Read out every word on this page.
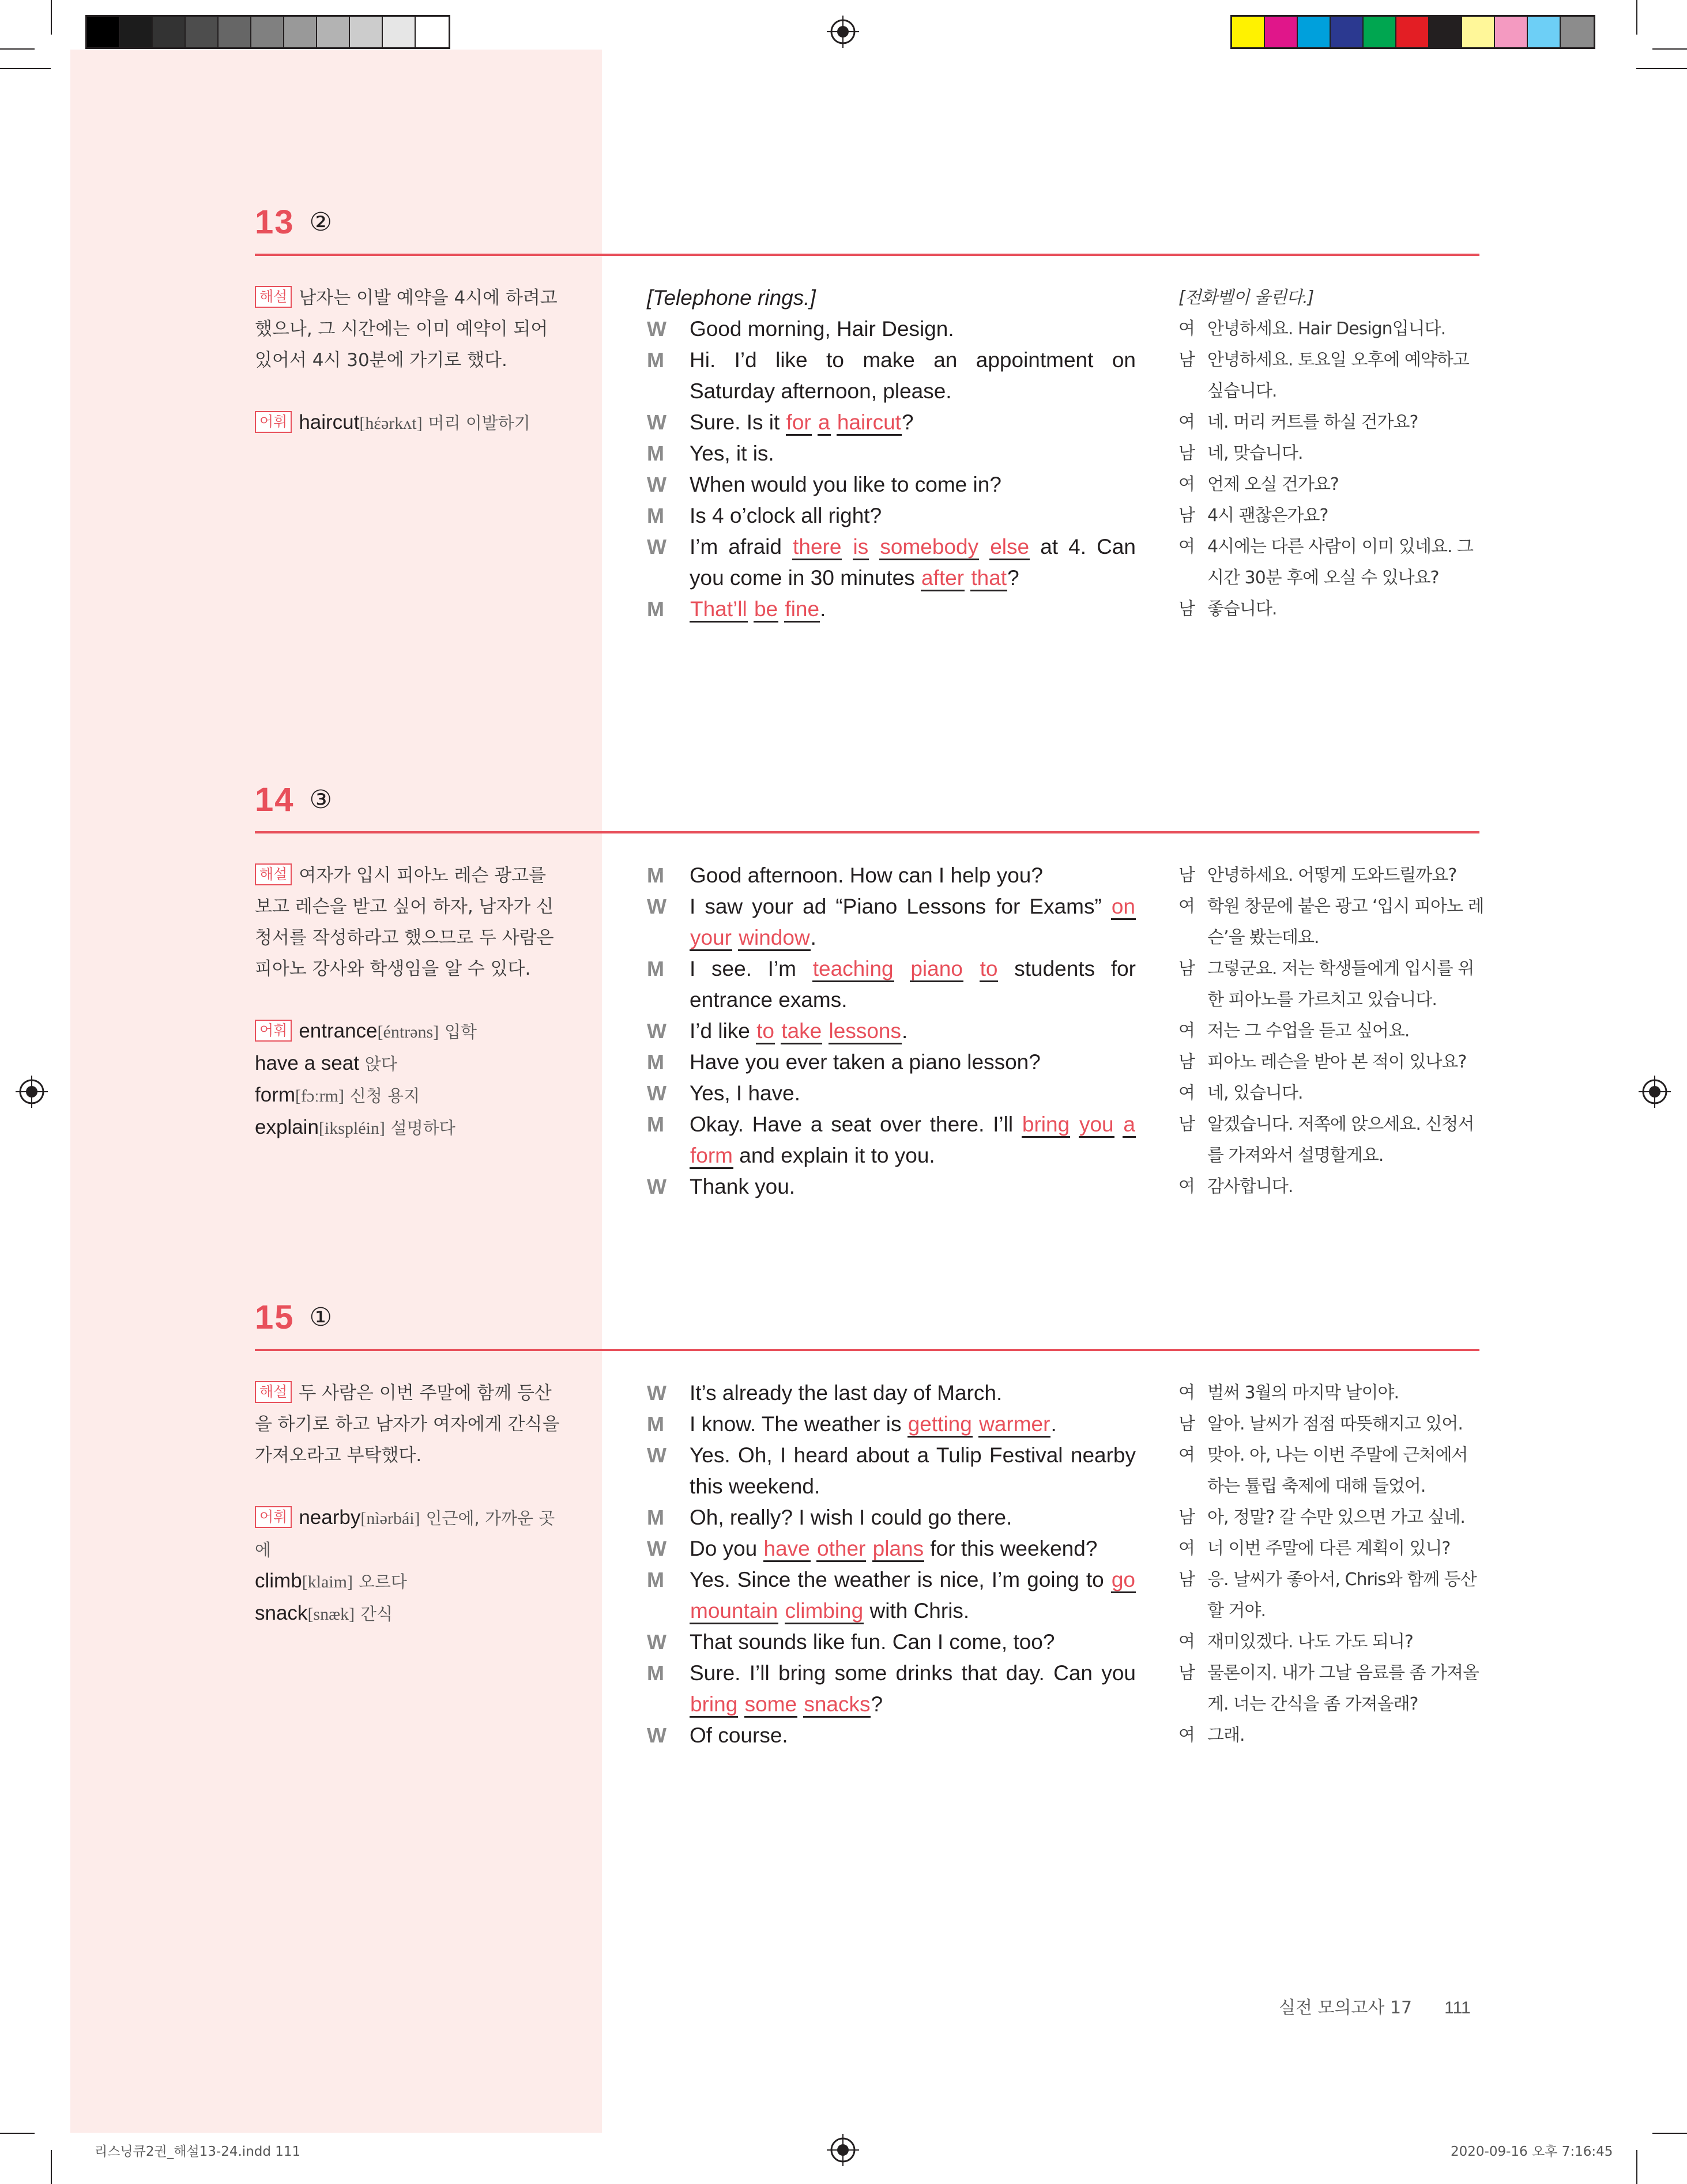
13 ②

해설 남자는 이발 예약을 4시에 하려고 했으나, 그 시간에는 이미 예약이 되어 있어서 4시 30분에 가기로 했다.

어휘 haircut[hέərkʌt] 머리 이발하기

[Telephone rings.]
W	Good morning, Hair Design.
M	Hi. I’d like to make an appointment on Saturday afternoon, please.
W	Sure. Is it for a haircut?
M	Yes, it is.
W	When would you like to come in?
M	Is 4 o’clock all right?
W	I’m afraid there is somebody else at 4. Can you come in 30 minutes after that?
M	That’ll be fine.
[전화벨이 울린다.]
여 안녕하세요. Hair Design입니다.
남 안녕하세요. 토요일 오후에 예약하고 싶습니다.
여 네. 머리 커트를 하실 건가요?
남 네, 맞습니다.
여 언제 오실 건가요?
남 4시 괜찮은가요?
여 4시에는 다른 사람이 이미 있네요. 그 시간 30분 후에 오실 수 있나요?
남 좋습니다.
14 ③

해설 여자가 입시 피아노 레슨 광고를 보고 레슨을 받고 싶어 하자, 남자가 신청서를 작성하라고 했으므로 두 사람은 피아노 강사와 학생임을 알 수 있다.

어휘 entrance[éntrəns] 입학

have a seat 앉다

form[fɔːrm] 신청 용지

explain[ikspléin] 설명하다

M	Good afternoon. How can I help you?
W	I saw your ad “Piano Lessons for Exams” on your window.
M	I see. I’m teaching piano to students for entrance exams.
W	I’d like to take lessons.
M	Have you ever taken a piano lesson?
W	Yes, I have.
M	Okay. Have a seat over there. I’ll bring you a form and explain it to you.
W	Thank you.
남 안녕하세요. 어떻게 도와드릴까요?
여 학원 창문에 붙은 광고 ‘입시 피아노 레슨’을 봤는데요.
남 그렇군요. 저는 학생들에게 입시를 위한 피아노를 가르치고 있습니다.
여 저는 그 수업을 듣고 싶어요.
남 피아노 레슨을 받아 본 적이 있나요?
여 네, 있습니다.
남 알겠습니다. 저쪽에 앉으세요. 신청서를 가져와서 설명할게요.
여 감사합니다.
15 ①

해설 두 사람은 이번 주말에 함께 등산을 하기로 하고 남자가 여자에게 간식을 가져오라고 부탁했다.

어휘 nearby[nìərbái] 인근에, 가까운 곳에

climb[klaim] 오르다

snack[snæk] 간식

W	It’s already the last day of March.
M	I know. The weather is getting warmer.
W	Yes. Oh, I heard about a Tulip Festival nearby this weekend.
M	Oh, really? I wish I could go there.
W	Do you have other plans for this weekend?
M	Yes. Since the weather is nice, I’m going to go mountain climbing with Chris.
W	That sounds like fun. Can I come, too?
M	Sure. I’ll bring some drinks that day. Can you bring some snacks?
W	Of course.
여 벌써 3월의 마지막 날이야.
남 알아. 날씨가 점점 따뜻해지고 있어.
여 맞아. 아, 나는 이번 주말에 근처에서 하는 튤립 축제에 대해 들었어.
남 아, 정말? 갈 수만 있으면 가고 싶네.
여 너 이번 주말에 다른 계획이 있니?
남 응. 날씨가 좋아서, Chris와 함께 등산할 거야.
여 재미있겠다. 나도 가도 되니?
남 물론이지. 내가 그날 음료를 좀 가져올게. 너는 간식을 좀 가져올래?
여 그래.
실전 모의고사 17 111
리스닝큐2권_해설13-24.indd 111	2020-09-16 오후 7:16:45
